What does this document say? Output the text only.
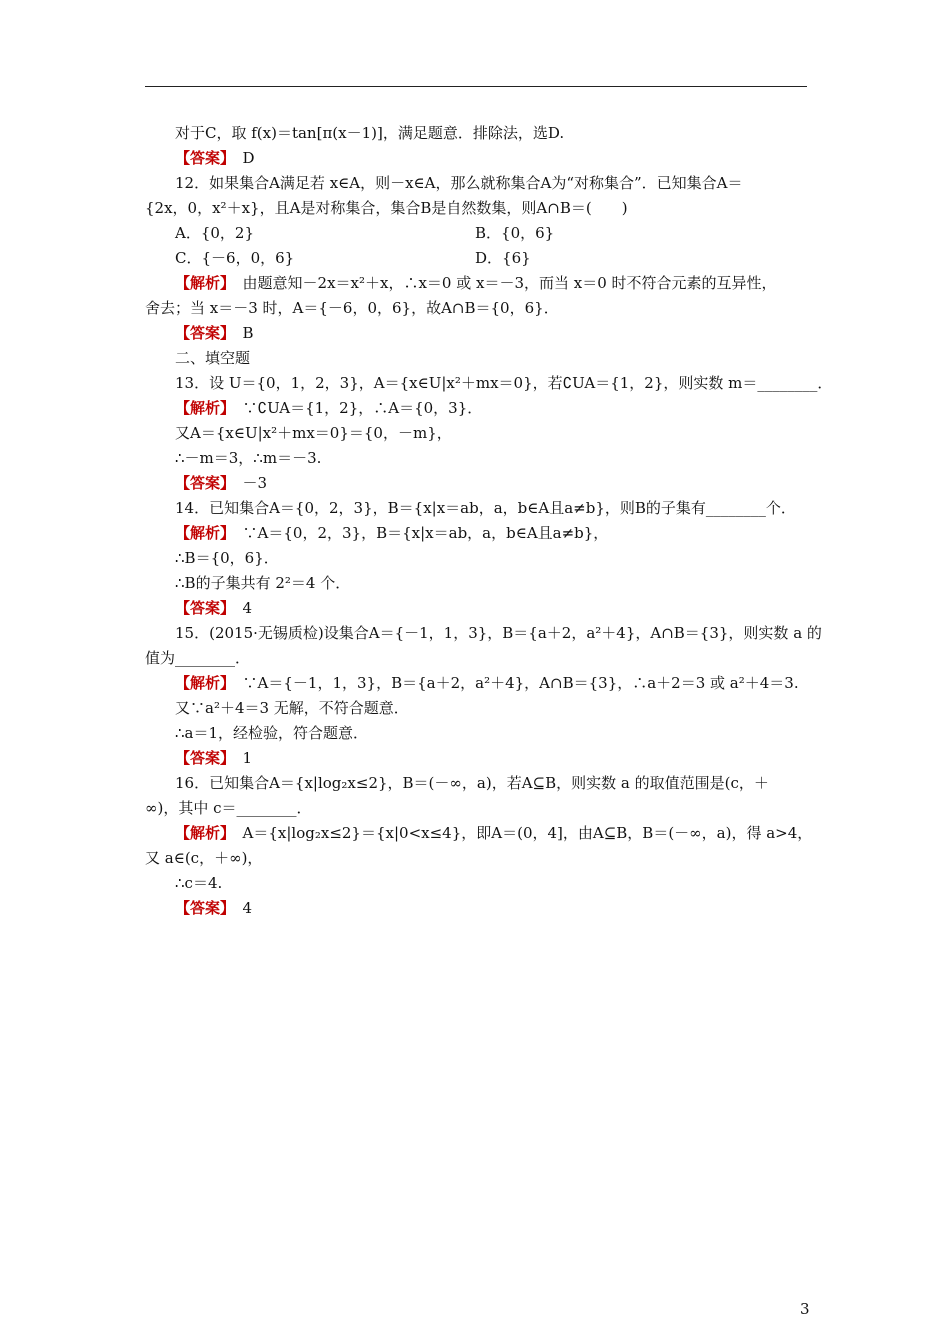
对于C，取 f(x)＝tan[π(x－1)]，满足题意．排除法，选D.
【答案】　 D
12．如果集合A满足若 x∈A，则－x∈A，那么就称集合A为“对称集合”．已知集合A＝
{2x，0，x²＋x}，且A是对称集合，集合B是自然数集，则A∩B＝(　　)
A．{0，2}	B．{0，6}
C．{－6，0，6}	D．{6}
【解析】　 由题意知－2x＝x²＋x，∴x＝0 或 x＝－3，而当 x＝0 时不符合元素的互异性，
舍去；当 x＝－3 时，A＝{－6，0，6}，故A∩B＝{0，6}．
【答案】　 B
二、填空题
13．设 U＝{0，1，2，3}，A＝{x∈U|x²＋mx＝0}，若∁UA＝{1，2}，则实数 m＝________．
【解析】　 ∵∁UA＝{1，2}，∴A＝{0，3}．
又A＝{x∈U|x²＋mx＝0}＝{0，－m}，
∴－m＝3，∴m＝－3.
【答案】　 －3
14．已知集合A＝{0，2，3}，B＝{x|x＝ab，a，b∈A且a≠b}，则B的子集有________个．
【解析】　 ∵A＝{0，2，3}，B＝{x|x＝ab，a，b∈A且a≠b}，
∴B＝{0，6}．
∴B的子集共有 2²＝4 个．
【答案】　 4
15．(2015·无锡质检)设集合A＝{－1，1，3}，B＝{a＋2，a²＋4}，A∩B＝{3}，则实数 a 的
值为________．
【解析】　 ∵A＝{－1，1，3}，B＝{a＋2，a²＋4}，A∩B＝{3}，∴a＋2＝3 或 a²＋4＝3.
又∵a²＋4＝3 无解，不符合题意．
∴a＝1，经检验，符合题意．
【答案】　 1
16．已知集合A＝{x|log₂x≤2}，B＝(－∞，a)，若A⊆B，则实数 a 的取值范围是(c，＋
∞)，其中 c＝________．
【解析】　 A＝{x|log₂x≤2}＝{x|0<x≤4}，即A＝(0，4]，由A⊆B，B＝(－∞，a)，得 a>4，
又 a∈(c，＋∞)，
∴c＝4.
【答案】　 4
3
